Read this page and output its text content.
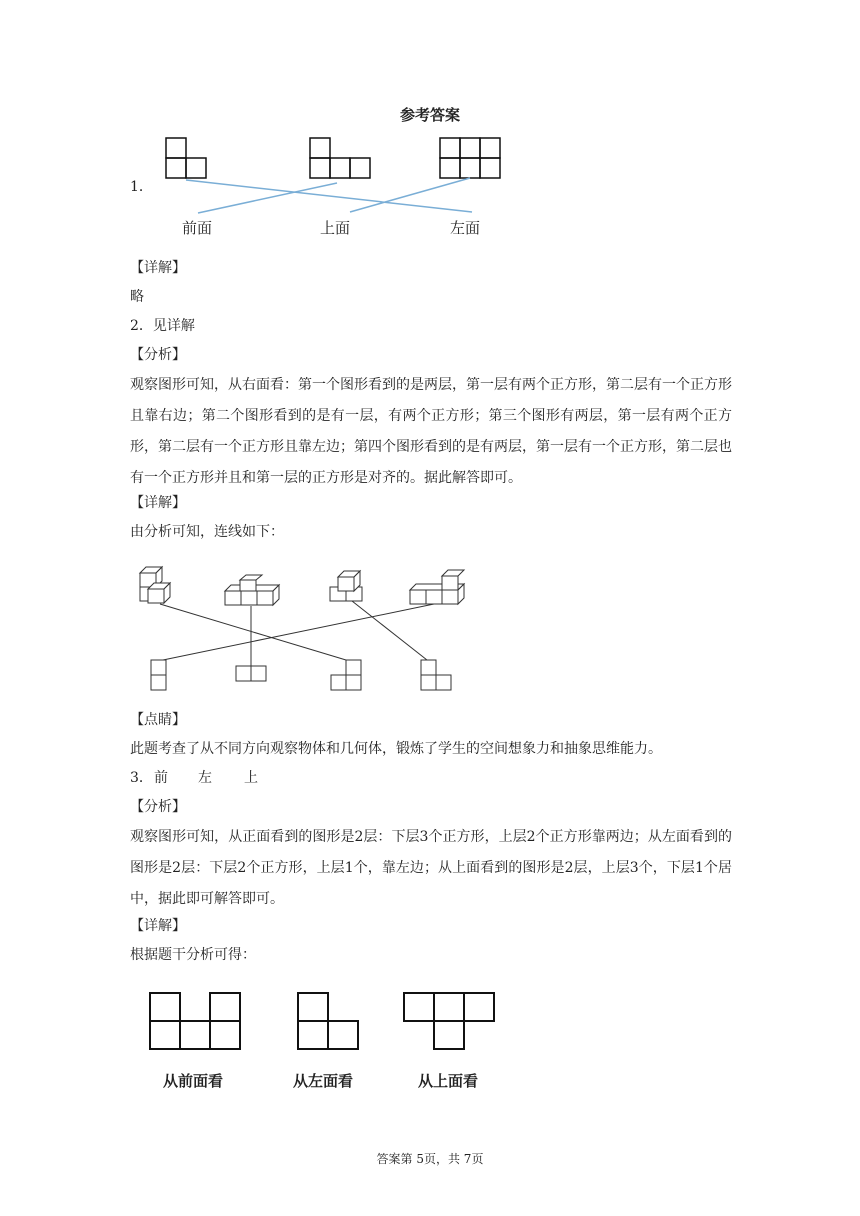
参考答案
1．
前面	上面	左面
【详解】
略
2．见详解
【分析】
观察图形可知，从右面看：第一个图形看到的是两层，第一层有两个正方形，第二层有一个正方形且靠右边；第二个图形看到的是有一层，有两个正方形；第三个图形有两层，第一层有两个正方形，第二层有一个正方形且靠左边；第四个图形看到的是有两层，第一层有一个正方形，第二层也有一个正方形并且和第一层的正方形是对齐的。据此解答即可。
【详解】
由分析可知，连线如下：
【点睛】
此题考查了从不同方向观察物体和几何体，锻炼了学生的空间想象力和抽象思维能力。
3． 前 左 上
【分析】
观察图形可知，从正面看到的图形是2层：下层3个正方形，上层2个正方形靠两边；从左面看到的图形是2层：下层2个正方形，上层1个，靠左边；从上面看到的图形是2层，上层3个，下层1个居中，据此即可解答即可。
【详解】
根据题干分析可得：
从前面看	从左面看	从上面看
答案第 5页，共 7页
